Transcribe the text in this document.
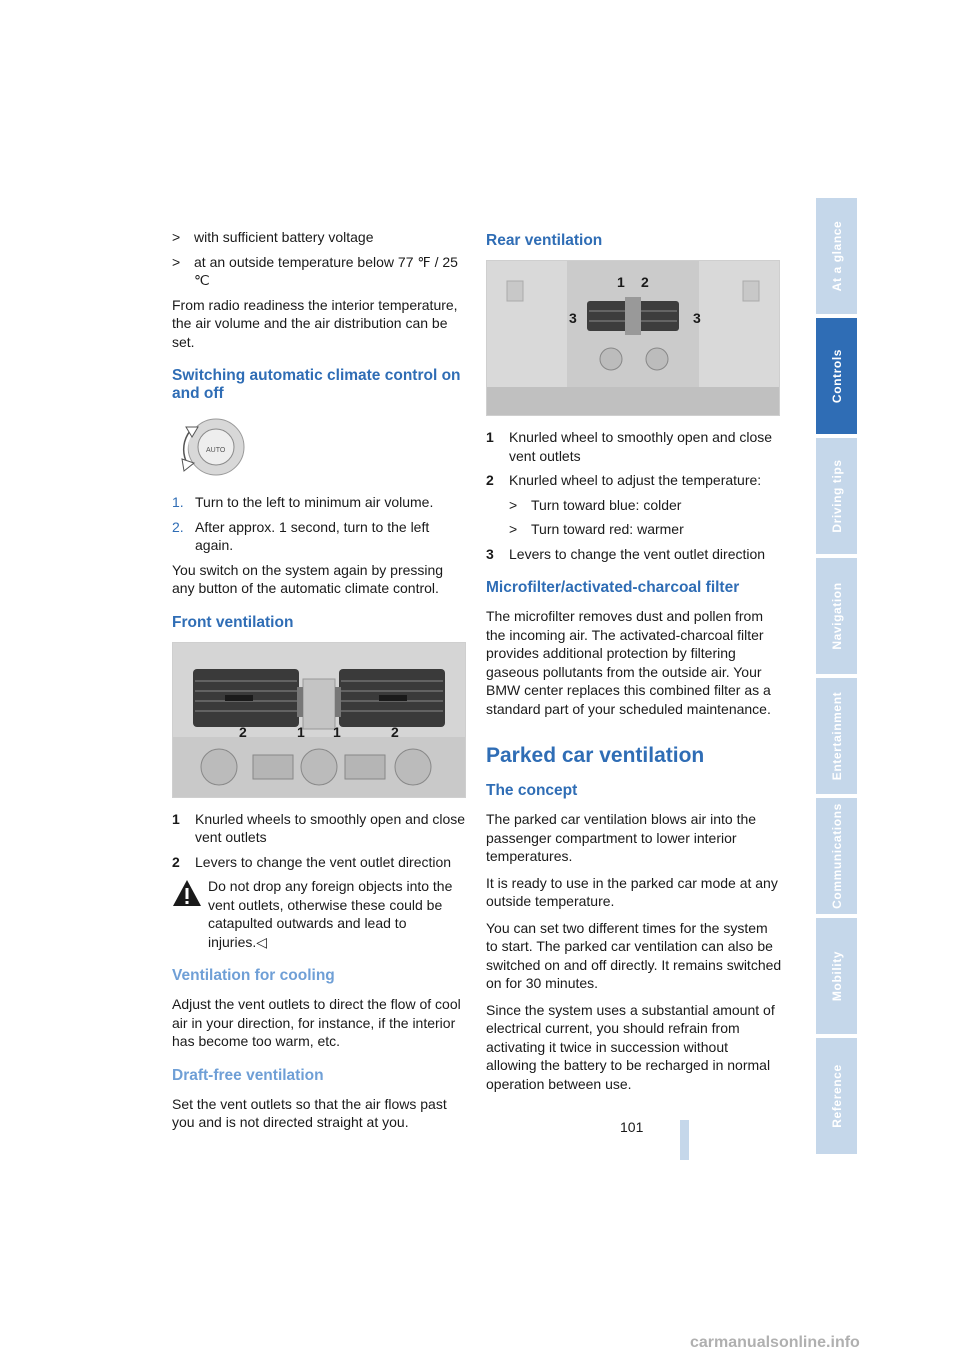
> with sufficient battery voltage
> at an outside temperature below 77 ℉ / 25 ℃

From radio readiness the interior temperature, the air volume and the air distribution can be set.

Switching automatic climate control on and off
AUTO
1. Turn to the left to minimum air volume.
2. After approx. 1 second, turn to the left again.

You switch on the system again by pressing any button of the automatic climate control.

Front ventilation
2	1 1	2
1	Knurled wheels to smoothly open and close vent outlets
2	Levers to change the vent outlet direction
Do not drop any foreign objects into the vent outlets, otherwise these could be catapulted outwards and lead to injuries.◁
Ventilation for cooling

Adjust the vent outlets to direct the flow of cool air in your direction, for instance, if the interior has become too warm, etc.

Draft-free ventilation

Set the vent outlets so that the air flows past you and is not directed straight at you.

Rear ventilation
1 2
3	3
1	Knurled wheel to smoothly open and close vent outlets
2	Knurled wheel to adjust the temperature:
> Turn toward blue: colder
> Turn toward red: warmer
3	Levers to change the vent outlet direction
Microfilter/activated-charcoal filter

The microfilter removes dust and pollen from the incoming air. The activated-charcoal filter provides additional protection by filtering gaseous pollutants from the outside air. Your BMW center replaces this combined filter as a standard part of your scheduled maintenance.

Parked car ventilation
The concept

The parked car ventilation blows air into the passenger compartment to lower interior temperatures.

It is ready to use in the parked car mode at any outside temperature.

You can set two different times for the system to start. The parked car ventilation can also be switched on and off directly. It remains switched on for 30 minutes.

Since the system uses a substantial amount of electrical current, you should refrain from activating it twice in succession without allowing the battery to be recharged in normal operation between use.

At a glance
Controls
Driving tips
Navigation
Entertainment
Communications
Mobility
Reference
101
carmanualsonline.info
